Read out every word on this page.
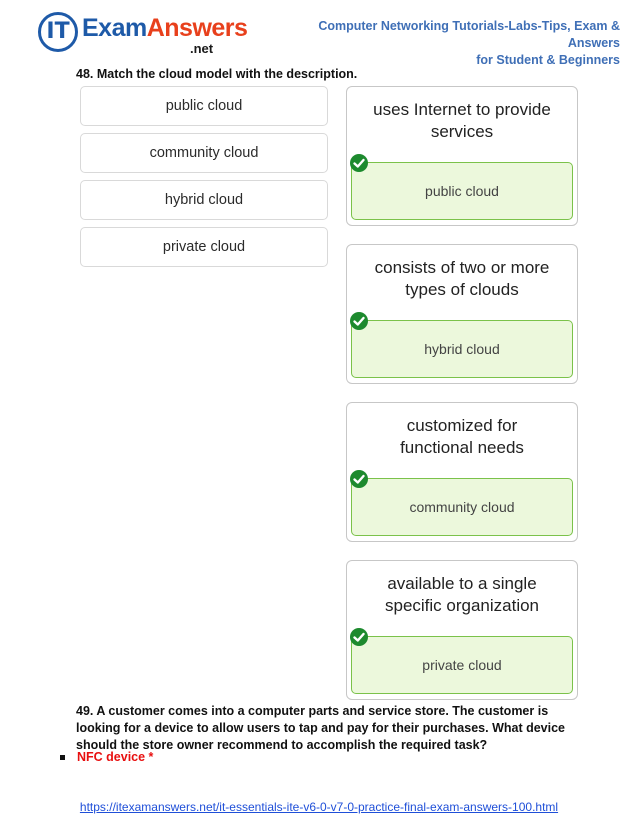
IT ExamAnswers
.net
Computer Networking Tutorials-Labs-Tips, Exam & Answers
for Student & Beginners
48. Match the cloud model with the description.
public cloud
community cloud
hybrid cloud
private cloud
uses Internet to provide
services
public cloud
consists of two or more
types of clouds
hybrid cloud
customized for
functional needs
community cloud
available to a single
specific organization
private cloud
49. A customer comes into a computer parts and service store. The customer is looking for a device to allow users to tap and pay for their purchases. What device should the store owner recommend to accomplish the required task?
NFC device *
https://itexamanswers.net/it-essentials-ite-v6-0-v7-0-practice-final-exam-answers-100.html
